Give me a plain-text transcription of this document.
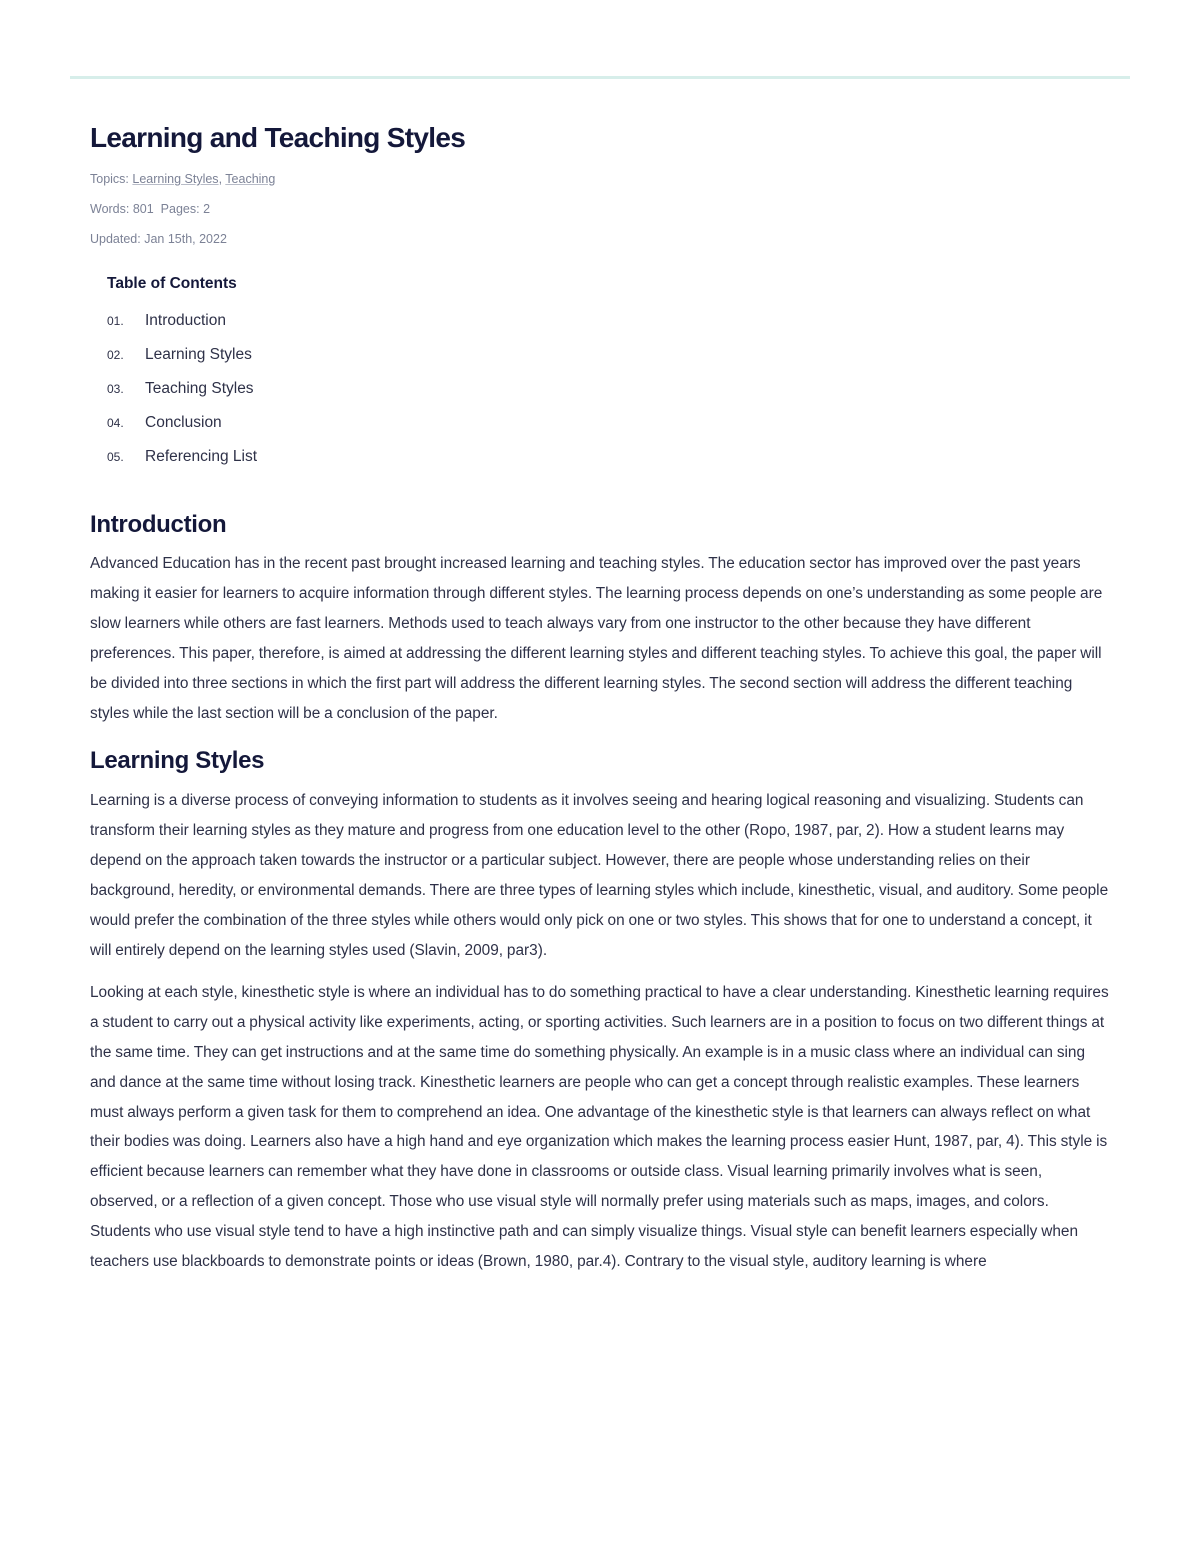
Learning and Teaching Styles

Topics: Learning Styles, Teaching

Words: 801 Pages: 2

Updated: Jan 15th, 2022

Table of Contents
01.	Introduction
02.	Learning Styles
03.	Teaching Styles
04.	Conclusion
05.	Referencing List
Introduction

Advanced Education has in the recent past brought increased learning and teaching styles. The education sector has improved over the past years making it easier for learners to acquire information through different styles. The learning process depends on one’s understanding as some people are slow learners while others are fast learners. Methods used to teach always vary from one instructor to the other because they have different preferences. This paper, therefore, is aimed at addressing the different learning styles and different teaching styles. To achieve this goal, the paper will be divided into three sections in which the first part will address the different learning styles. The second section will address the different teaching styles while the last section will be a conclusion of the paper.

Learning Styles

Learning is a diverse process of conveying information to students as it involves seeing and hearing logical reasoning and visualizing. Students can transform their learning styles as they mature and progress from one education level to the other (Ropo, 1987, par, 2). How a student learns may depend on the approach taken towards the instructor or a particular subject. However, there are people whose understanding relies on their background, heredity, or environmental demands. There are three types of learning styles which include, kinesthetic, visual, and auditory. Some people would prefer the combination of the three styles while others would only pick on one or two styles. This shows that for one to understand a concept, it will entirely depend on the learning styles used (Slavin, 2009, par3).

Looking at each style, kinesthetic style is where an individual has to do something practical to have a clear understanding. Kinesthetic learning requires a student to carry out a physical activity like experiments, acting, or sporting activities. Such learners are in a position to focus on two different things at the same time. They can get instructions and at the same time do something physically. An example is in a music class where an individual can sing and dance at the same time without losing track. Kinesthetic learners are people who can get a concept through realistic examples. These learners must always perform a given task for them to comprehend an idea. One advantage of the kinesthetic style is that learners can always reflect on what their bodies was doing. Learners also have a high hand and eye organization which makes the learning process easier Hunt, 1987, par, 4). This style is efficient because learners can remember what they have done in classrooms or outside class. Visual learning primarily involves what is seen, observed, or a reflection of a given concept. Those who use visual style will normally prefer using materials such as maps, images, and colors. Students who use visual style tend to have a high instinctive path and can simply visualize things. Visual style can benefit learners especially when teachers use blackboards to demonstrate points or ideas (Brown, 1980, par.4). Contrary to the visual style, auditory learning is where
